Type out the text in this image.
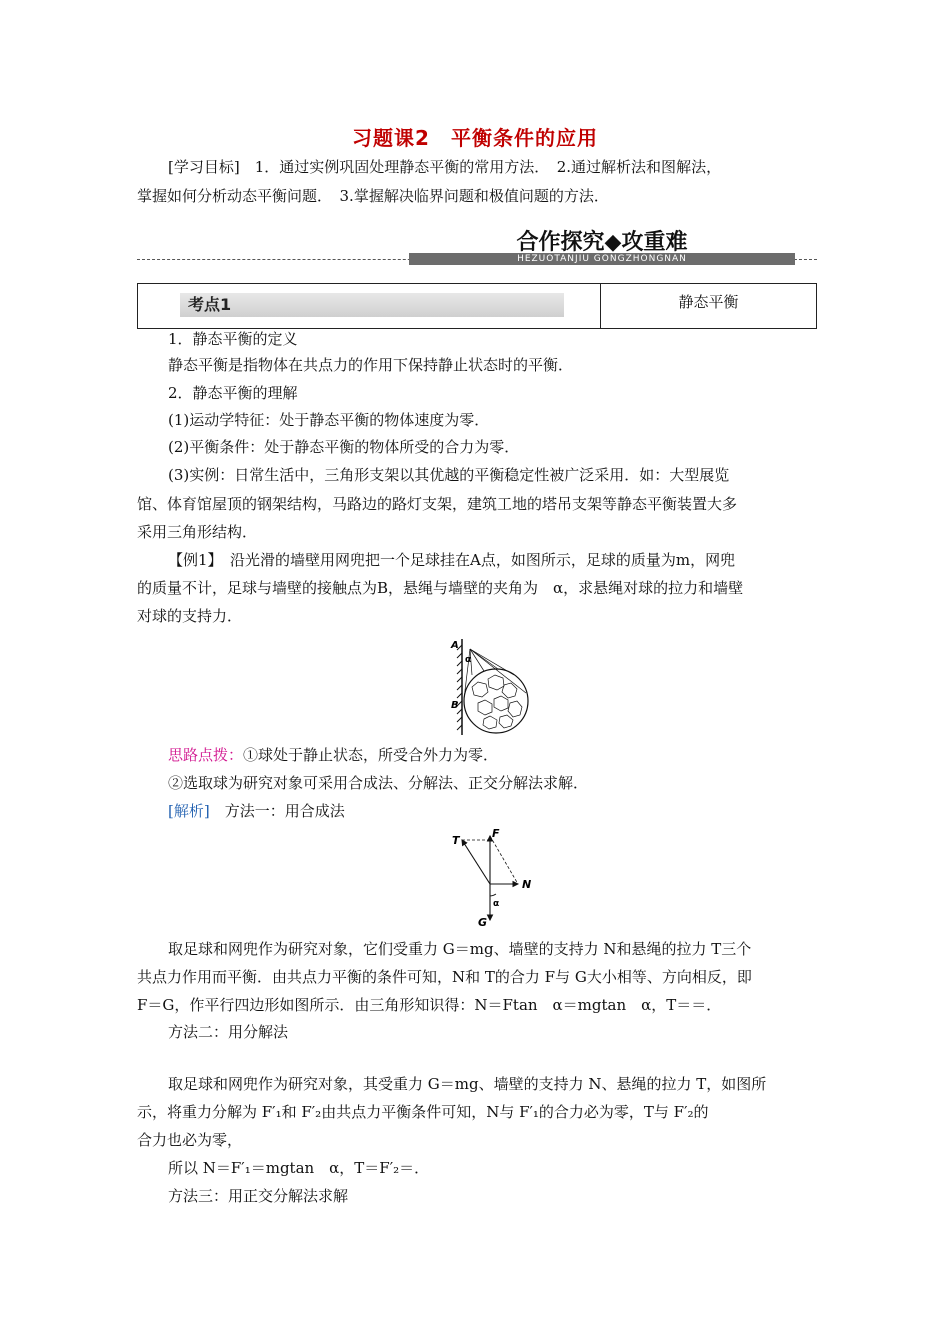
习题课2　平衡条件的应用
[学习目标]　1．通过实例巩固处理静态平衡的常用方法．　2.通过解析法和图解法，
掌握如何分析动态平衡问题．　3.掌握解决临界问题和极值问题的方法．
合作探究◆攻重难
HEZUOTANJIU GONGZHONGNAN
考点1	静态平衡
1．静态平衡的定义
静态平衡是指物体在共点力的作用下保持静止状态时的平衡．
2．静态平衡的理解
(1)运动学特征：处于静态平衡的物体速度为零．
(2)平衡条件：处于静态平衡的物体所受的合力为零．
(3)实例：日常生活中，三角形支架以其优越的平衡稳定性被广泛采用．如：大型展览
馆、体育馆屋顶的钢架结构，马路边的路灯支架，建筑工地的塔吊支架等静态平衡装置大多
采用三角形结构．
【例1】　沿光滑的墙壁用网兜把一个足球挂在A点，如图所示，足球的质量为m，网兜
的质量不计，足球与墙壁的接触点为B，悬绳与墙壁的夹角为　α，求悬绳对球的拉力和墙壁
对球的支持力．
A
α
B
思路点拨：①球处于静止状态，所受合外力为零．
②选取球为研究对象可采用合成法、分解法、正交分解法求解．
[解析]　 方法一：用合成法
T
F
N
α
G
取足球和网兜作为研究对象，它们受重力 G＝mg、墙壁的支持力 N和悬绳的拉力 T三个
共点力作用而平衡．由共点力平衡的条件可知，N和 T的合力 F与 G大小相等、方向相反，即
F＝G，作平行四边形如图所示．由三角形知识得：N＝Ftan　α＝mgtan　α，T＝＝．
方法二：用分解法
取足球和网兜作为研究对象，其受重力 G＝mg、墙壁的支持力 N、悬绳的拉力 T，如图所
示，将重力分解为 F′₁和 F′₂由共点力平衡条件可知，N与 F′₁的合力必为零，T与 F′₂的
合力也必为零，
所以 N＝F′₁＝mgtan　α，T＝F′₂＝．
方法三：用正交分解法求解
